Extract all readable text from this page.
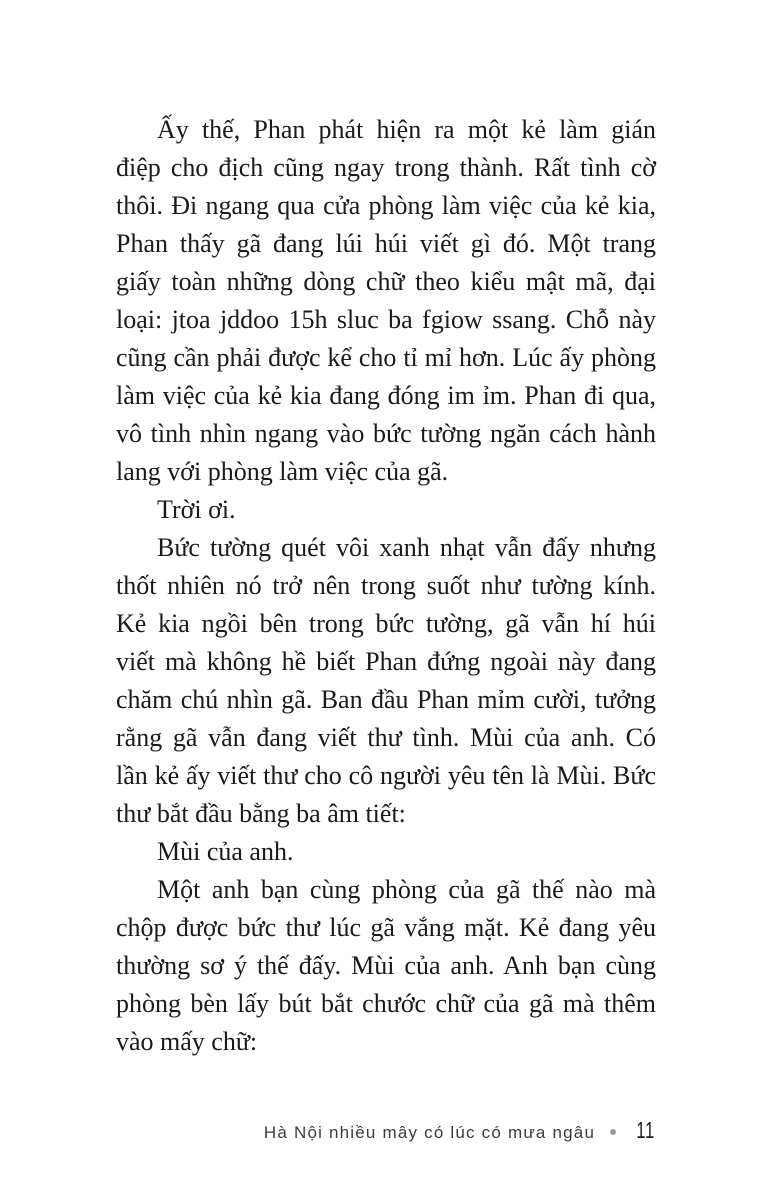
Ấy thế, Phan phát hiện ra một kẻ làm gián
điệp cho địch cũng ngay trong thành. Rất tình cờ
thôi. Đi ngang qua cửa phòng làm việc của kẻ kia,
Phan thấy gã đang lúi húi viết gì đó. Một trang
giấy toàn những dòng chữ theo kiểu mật mã, đại
loại: jtoa jddoo 15h sluc ba fgiow ssang. Chỗ này
cũng cần phải được kể cho tỉ mỉ hơn. Lúc ấy phòng
làm việc của kẻ kia đang đóng im ỉm. Phan đi qua,
vô tình nhìn ngang vào bức tường ngăn cách hành
lang với phòng làm việc của gã.
Trời ơi.
Bức tường quét vôi xanh nhạt vẫn đấy nhưng
thốt nhiên nó trở nên trong suốt như tường kính.
Kẻ kia ngồi bên trong bức tường, gã vẫn hí húi
viết mà không hề biết Phan đứng ngoài này đang
chăm chú nhìn gã. Ban đầu Phan mỉm cười, tưởng
rằng gã vẫn đang viết thư tình. Mùi của anh. Có
lần kẻ ấy viết thư cho cô người yêu tên là Mùi. Bức
thư bắt đầu bằng ba âm tiết:
Mùi của anh.
Một anh bạn cùng phòng của gã thế nào mà
chộp được bức thư lúc gã vắng mặt. Kẻ đang yêu
thường sơ ý thế đấy. Mùi của anh. Anh bạn cùng
phòng bèn lấy bút bắt chước chữ của gã mà thêm
vào mấy chữ:
Hà Nội nhiều mây có lúc có mưa ngâu 11
